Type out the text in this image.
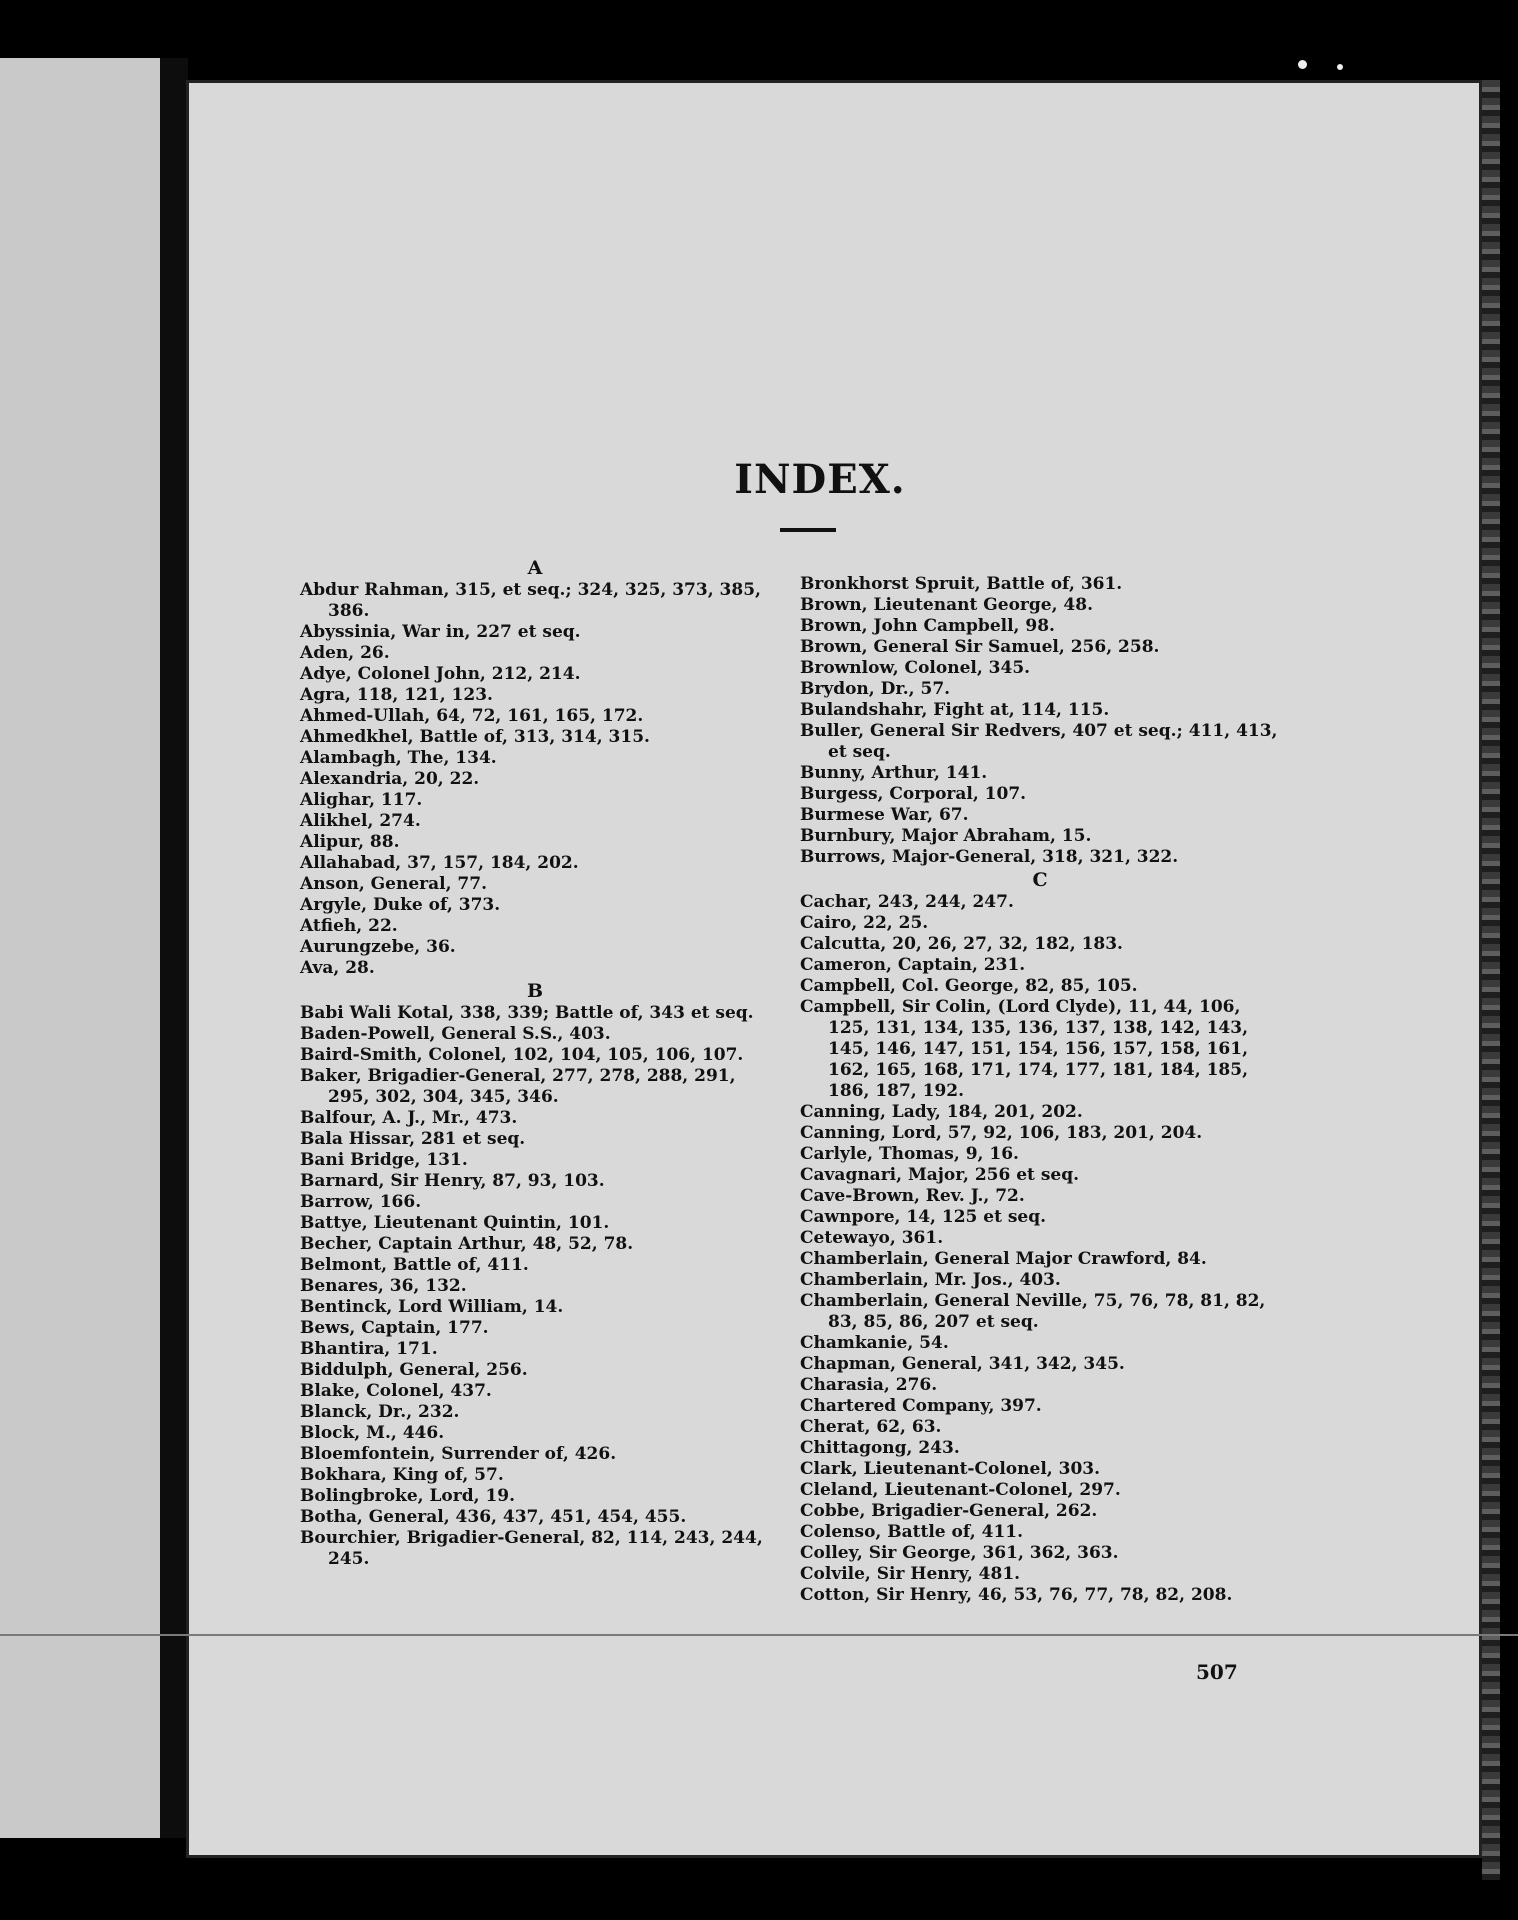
INDEX.
A
Abdur Rahman, 315, et seq.; 324, 325, 373, 385, 386.
Abyssinia, War in, 227 et seq.
Aden, 26.
Adye, Colonel John, 212, 214.
Agra, 118, 121, 123.
Ahmed-Ullah, 64, 72, 161, 165, 172.
Ahmedkhel, Battle of, 313, 314, 315.
Alambagh, The, 134.
Alexandria, 20, 22.
Alighar, 117.
Alikhel, 274.
Alipur, 88.
Allahabad, 37, 157, 184, 202.
Anson, General, 77.
Argyle, Duke of, 373.
Atfieh, 22.
Aurungzebe, 36.
Ava, 28.
B
Babi Wali Kotal, 338, 339; Battle of, 343 et seq.
Baden-Powell, General S.S., 403.
Baird-Smith, Colonel, 102, 104, 105, 106, 107.
Baker, Brigadier-General, 277, 278, 288, 291, 295, 302, 304, 345, 346.
Balfour, A. J., Mr., 473.
Bala Hissar, 281 et seq.
Bani Bridge, 131.
Barnard, Sir Henry, 87, 93, 103.
Barrow, 166.
Battye, Lieutenant Quintin, 101.
Becher, Captain Arthur, 48, 52, 78.
Belmont, Battle of, 411.
Benares, 36, 132.
Bentinck, Lord William, 14.
Bews, Captain, 177.
Bhantira, 171.
Biddulph, General, 256.
Blake, Colonel, 437.
Blanck, Dr., 232.
Block, M., 446.
Bloemfontein, Surrender of, 426.
Bokhara, King of, 57.
Bolingbroke, Lord, 19.
Botha, General, 436, 437, 451, 454, 455.
Bourchier, Brigadier-General, 82, 114, 243, 244, 245.
Bronkhorst Spruit, Battle of, 361.
Brown, Lieutenant George, 48.
Brown, John Campbell, 98.
Brown, General Sir Samuel, 256, 258.
Brownlow, Colonel, 345.
Brydon, Dr., 57.
Bulandshahr, Fight at, 114, 115.
Buller, General Sir Redvers, 407 et seq.; 411, 413, et seq.
Bunny, Arthur, 141.
Burgess, Corporal, 107.
Burmese War, 67.
Burnbury, Major Abraham, 15.
Burrows, Major-General, 318, 321, 322.
C
Cachar, 243, 244, 247.
Cairo, 22, 25.
Calcutta, 20, 26, 27, 32, 182, 183.
Cameron, Captain, 231.
Campbell, Col. George, 82, 85, 105.
Campbell, Sir Colin, (Lord Clyde), 11, 44, 106, 125, 131, 134, 135, 136, 137, 138, 142, 143, 145, 146, 147, 151, 154, 156, 157, 158, 161, 162, 165, 168, 171, 174, 177, 181, 184, 185, 186, 187, 192.
Canning, Lady, 184, 201, 202.
Canning, Lord, 57, 92, 106, 183, 201, 204.
Carlyle, Thomas, 9, 16.
Cavagnari, Major, 256 et seq.
Cave-Brown, Rev. J., 72.
Cawnpore, 14, 125 et seq.
Cetewayo, 361.
Chamberlain, General Major Crawford, 84.
Chamberlain, Mr. Jos., 403.
Chamberlain, General Neville, 75, 76, 78, 81, 82, 83, 85, 86, 207 et seq.
Chamkanie, 54.
Chapman, General, 341, 342, 345.
Charasia, 276.
Chartered Company, 397.
Cherat, 62, 63.
Chittagong, 243.
Clark, Lieutenant-Colonel, 303.
Cleland, Lieutenant-Colonel, 297.
Cobbe, Brigadier-General, 262.
Colenso, Battle of, 411.
Colley, Sir George, 361, 362, 363.
Colvile, Sir Henry, 481.
Cotton, Sir Henry, 46, 53, 76, 77, 78, 82, 208.
507
